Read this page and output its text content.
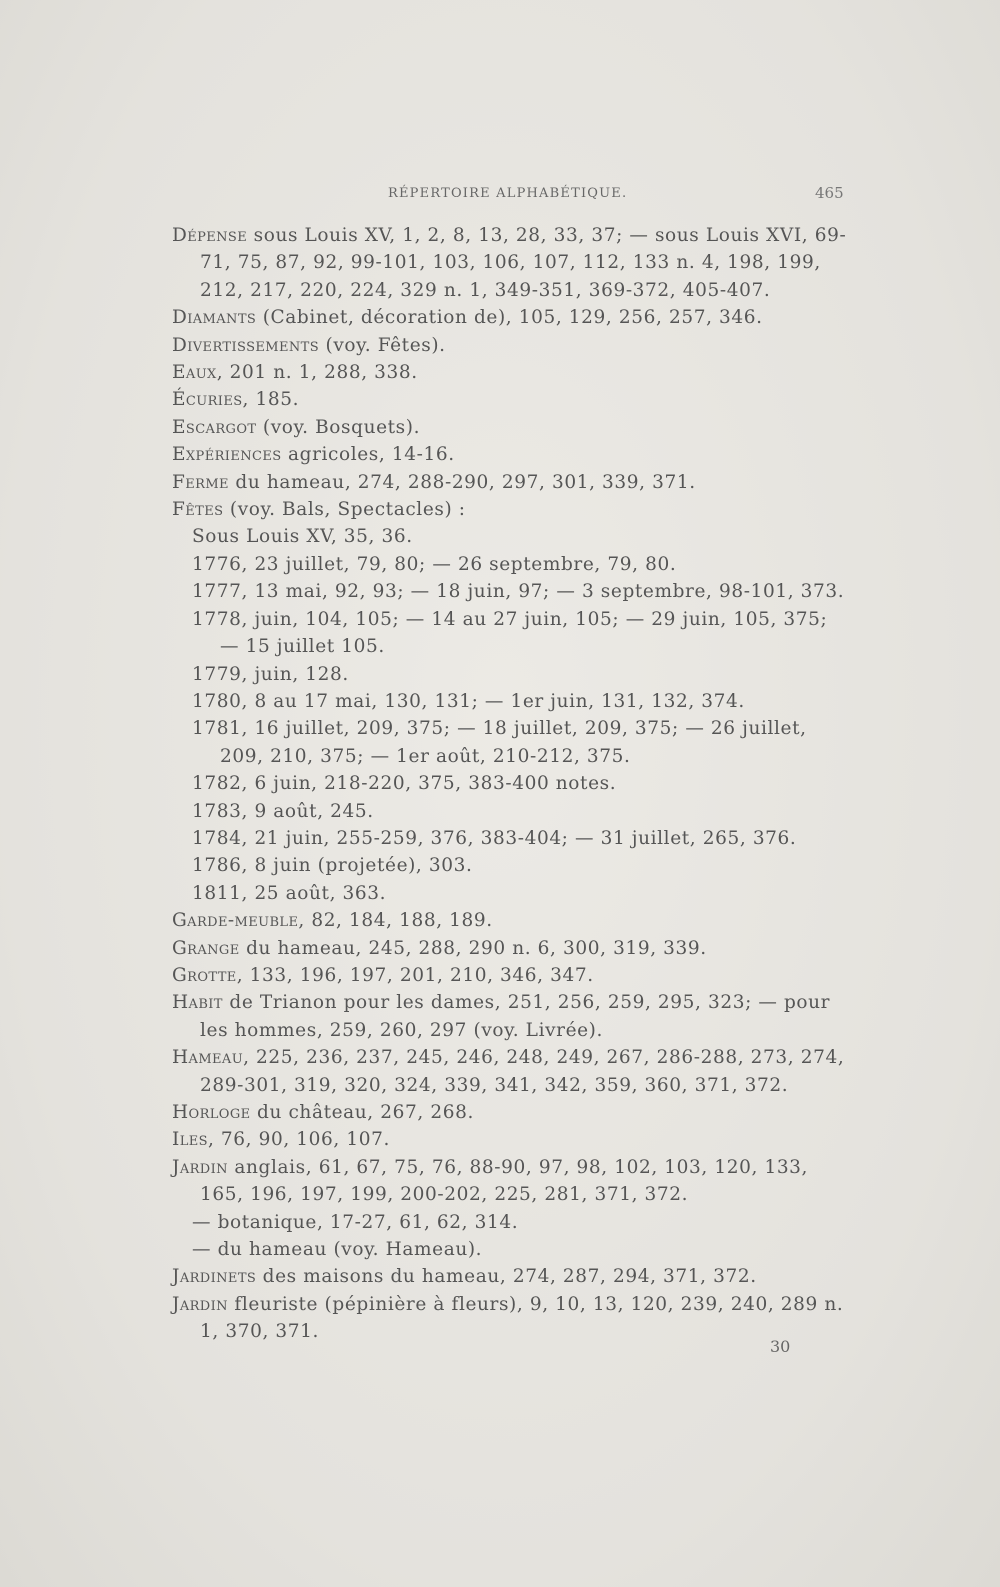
RÉPERTOIRE ALPHABÉTIQUE.	465
Dépense sous Louis XV, 1, 2, 8, 13, 28, 33, 37; — sous Louis XVI, 69-71, 75, 87, 92, 99-101, 103, 106, 107, 112, 133 n. 4, 198, 199, 212, 217, 220, 224, 329 n. 1, 349-351, 369-372, 405-407.
Diamants (Cabinet, décoration de), 105, 129, 256, 257, 346.
Divertissements (voy. Fêtes).
Eaux, 201 n. 1, 288, 338.
Écuries, 185.
Escargot (voy. Bosquets).
Expériences agricoles, 14-16.
Ferme du hameau, 274, 288-290, 297, 301, 339, 371.
Fêtes (voy. Bals, Spectacles) :
Sous Louis XV, 35, 36.
1776, 23 juillet, 79, 80; — 26 septembre, 79, 80.
1777, 13 mai, 92, 93; — 18 juin, 97; — 3 septembre, 98-101, 373.
1778, juin, 104, 105; — 14 au 27 juin, 105; — 29 juin, 105, 375; — 15 juillet 105.
1779, juin, 128.
1780, 8 au 17 mai, 130, 131; — 1er juin, 131, 132, 374.
1781, 16 juillet, 209, 375; — 18 juillet, 209, 375; — 26 juillet, 209, 210, 375; — 1er août, 210-212, 375.
1782, 6 juin, 218-220, 375, 383-400 notes.
1783, 9 août, 245.
1784, 21 juin, 255-259, 376, 383-404; — 31 juillet, 265, 376.
1786, 8 juin (projetée), 303.
1811, 25 août, 363.
Garde-meuble, 82, 184, 188, 189.
Grange du hameau, 245, 288, 290 n. 6, 300, 319, 339.
Grotte, 133, 196, 197, 201, 210, 346, 347.
Habit de Trianon pour les dames, 251, 256, 259, 295, 323; — pour les hommes, 259, 260, 297 (voy. Livrée).
Hameau, 225, 236, 237, 245, 246, 248, 249, 267, 286-288, 273, 274, 289-301, 319, 320, 324, 339, 341, 342, 359, 360, 371, 372.
Horloge du château, 267, 268.
Iles, 76, 90, 106, 107.
Jardin anglais, 61, 67, 75, 76, 88-90, 97, 98, 102, 103, 120, 133, 165, 196, 197, 199, 200-202, 225, 281, 371, 372.
— botanique, 17-27, 61, 62, 314.
— du hameau (voy. Hameau).
Jardinets des maisons du hameau, 274, 287, 294, 371, 372.
Jardin fleuriste (pépinière à fleurs), 9, 10, 13, 120, 239, 240, 289 n. 1, 370, 371.
30
